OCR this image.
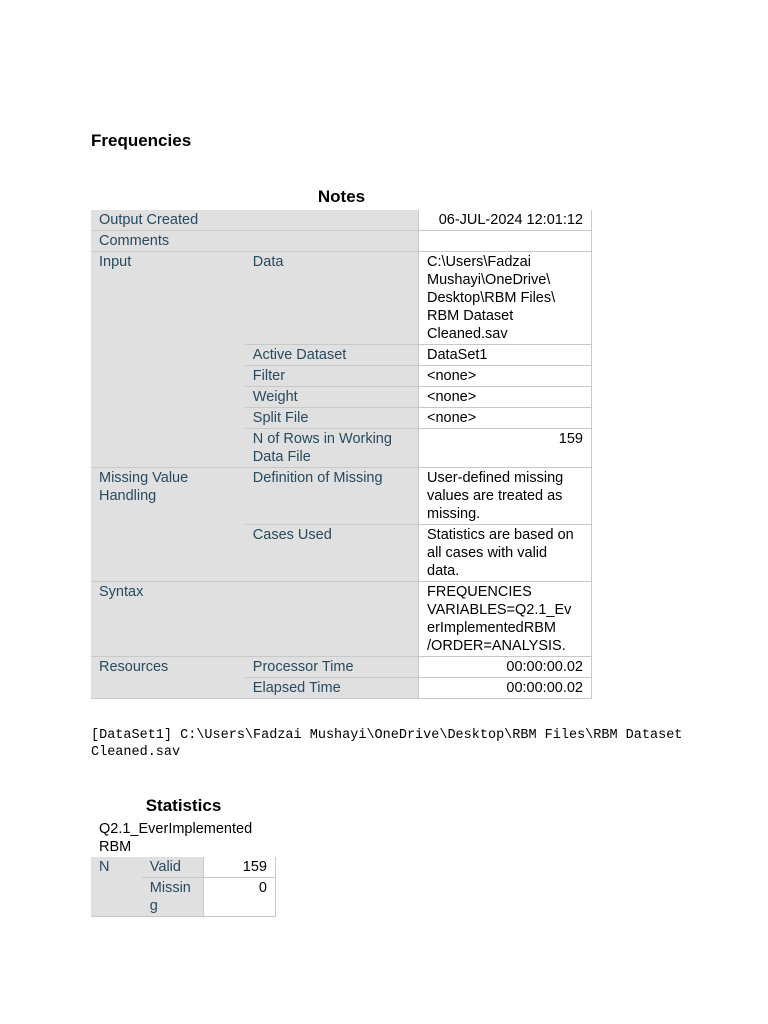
Frequencies
Notes
Output Created		06-JUL-2024 12:01:12
Comments		
Input	Data	C:\Users\Fadzai Mushayi\OneDrive\ Desktop\RBM Files\ RBM Dataset Cleaned.sav
	Active Dataset	DataSet1
	Filter	<none>
	Weight	<none>
	Split File	<none>
	N of Rows in Working Data File	159
Missing Value Handling	Definition of Missing	User-defined missing values are treated as missing.
	Cases Used	Statistics are based on all cases with valid data.
Syntax		FREQUENCIES VARIABLES=Q2.1_Ev erImplementedRBM /ORDER=ANALYSIS.
Resources	Processor Time	00:00:00.02
	Elapsed Time	00:00:00.02
[DataSet1] C:\Users\Fadzai Mushayi\OneDrive\Desktop\RBM Files\RBM Dataset Cleaned.sav
Statistics
Q2.1_EverImplemented RBM
N	Valid	159
	Missin g	0
